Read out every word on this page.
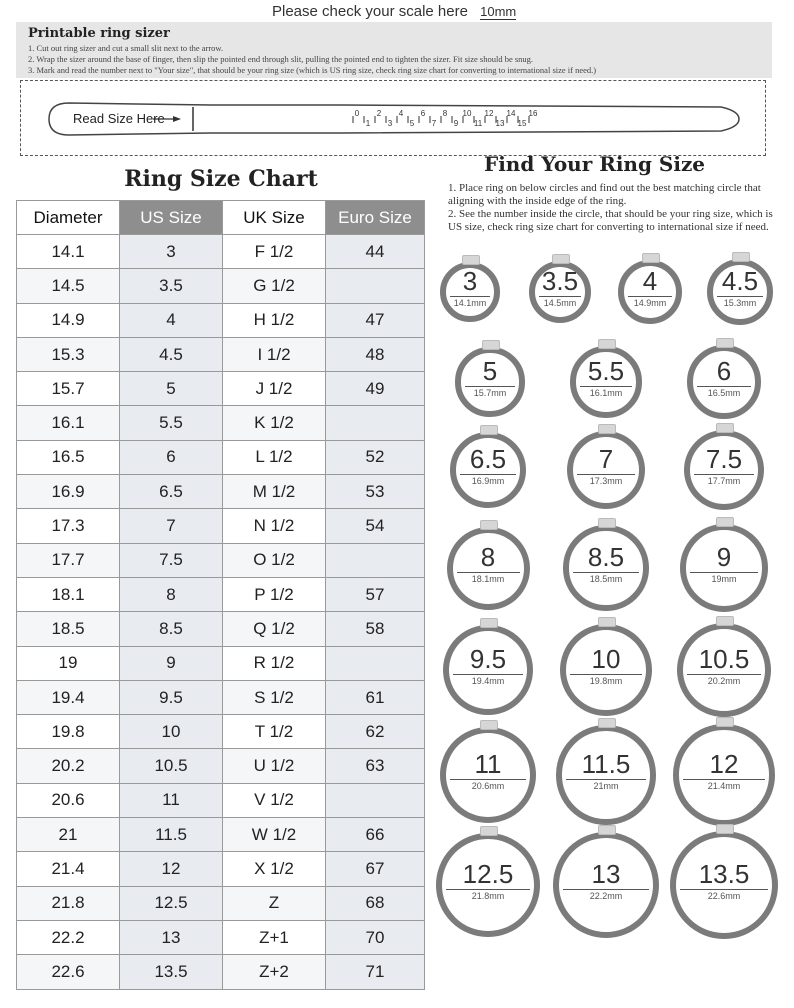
Please check your scale here 10mm
Printable ring sizer
1. Cut out ring sizer and cut a small slit next to the arrow.
2. Wrap the sizer around the base of finger, then slip the pointed end through slit, pulling the pointed end to tighten the sizer. Fit size should be snug.
3. Mark and read the number next to "Your size", that should be your ring size (which is US ring size, check ring size chart for converting to international size if need.)
Read Size Here	0 2 4 6 8 10 12 14 16
1 3 5 7 9 11 13 15
Ring Size Chart
Diameter	US Size	UK Size	Euro Size
14.1	3	F 1/2	44
14.5	3.5	G 1/2	
14.9	4	H 1/2	47
15.3	4.5	I 1/2	48
15.7	5	J 1/2	49
16.1	5.5	K 1/2	
16.5	6	L 1/2	52
16.9	6.5	M 1/2	53
17.3	7	N 1/2	54
17.7	7.5	O 1/2	
18.1	8	P 1/2	57
18.5	8.5	Q 1/2	58
19	9	R 1/2	
19.4	9.5	S 1/2	61
19.8	10	T 1/2	62
20.2	10.5	U 1/2	63
20.6	11	V 1/2	
21	11.5	W 1/2	66
21.4	12	X 1/2	67
21.8	12.5	Z	68
22.2	13	Z+1	70
22.6	13.5	Z+2	71
Find Your Ring Size
1. Place ring on below circles and find out the best matching circle that aligning with the inside edge of the ring.
2. See the number inside the circle, that should be your ring size, which is US size, check ring size chart for converting to international size if need.
3
14.1mm
3.5
14.5mm
4
14.9mm
4.5
15.3mm
5
15.7mm
5.5
16.1mm
6
16.5mm
6.5
16.9mm
7
17.3mm
7.5
17.7mm
8
18.1mm
8.5
18.5mm
9
19mm
9.5
19.4mm
10
19.8mm
10.5
20.2mm
11
20.6mm
11.5
21mm
12
21.4mm
12.5
21.8mm
13
22.2mm
13.5
22.6mm
